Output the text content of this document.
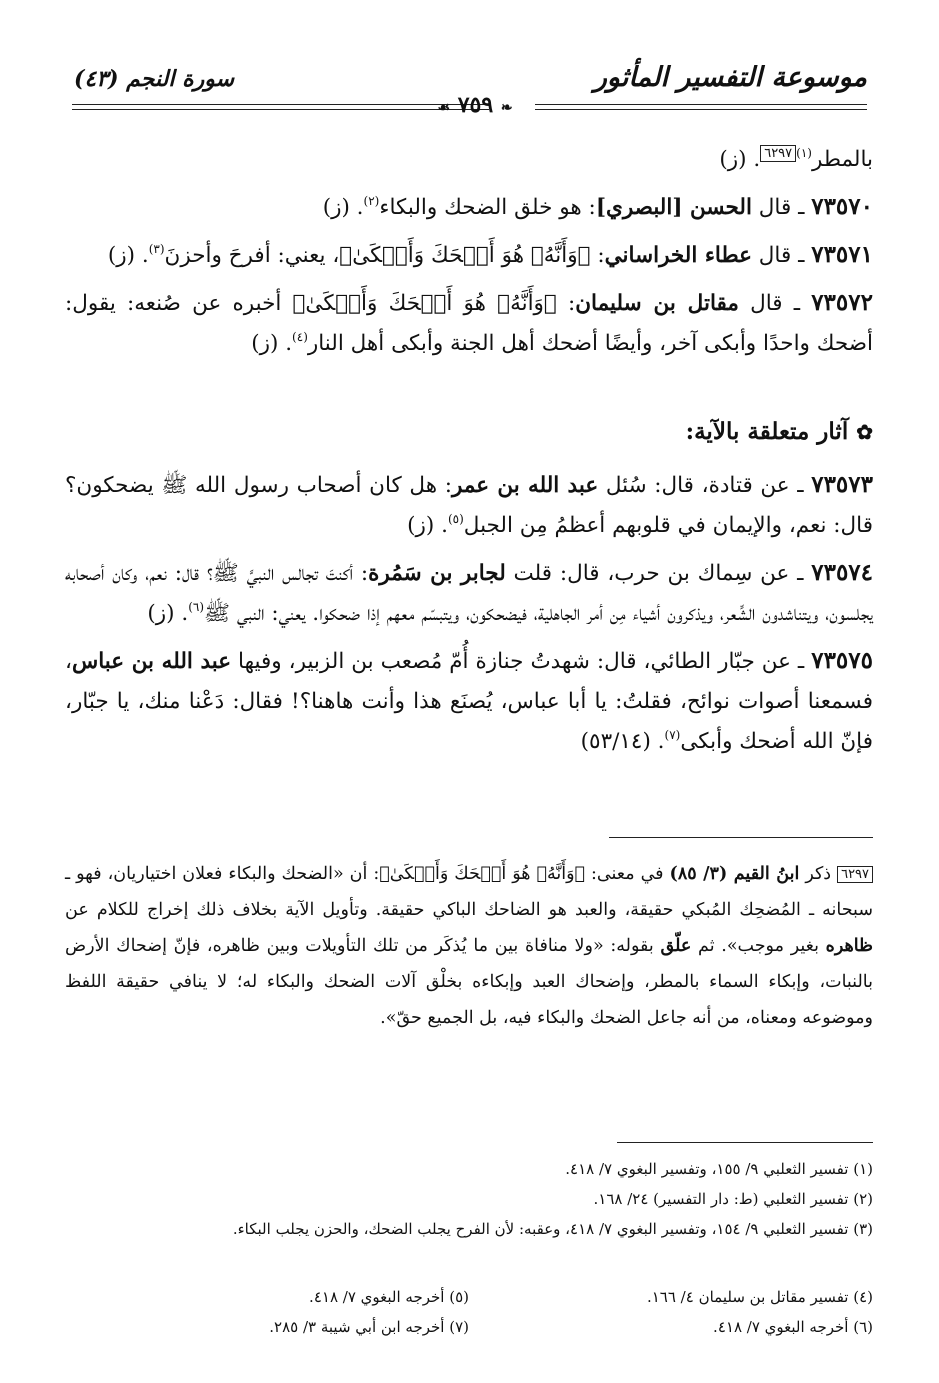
موسوعة التفسير المأثور
سورة النجم (٤٣)
❧ ٧٥٩ ☙
بالمطر$^{(١)}$٦٢٩٧. (ز)
٧٣٥٧٠ ـ قال الحسن [البصري]: هو خلق الضحك والبكاء$^{(٢)}$. (ز)
٧٣٥٧١ ـ قال عطاء الخراساني: ﴿وَأَنَّهُۥ هُوَ أَضۡحَكَ وَأَبۡكَىٰ﴾، يعني: أفرحَ وأحزنَ$^{(٣)}$. (ز)
٧٣٥٧٢ ـ قال مقاتل بن سليمان: ﴿وَأَنَّهُۥ هُوَ أَضۡحَكَ وَأَبۡكَىٰ﴾ أخبره عن صُنعه: يقول: أضحك واحدًا وأبكى آخر، وأيضًا أضحك أهل الجنة وأبكى أهل النار$^{(٤)}$. (ز)
✿ آثار متعلقة بالآية:
٧٣٥٧٣ ـ عن قتادة، قال: سُئل عبد الله بن عمر: هل كان أصحاب رسول الله ﷺ يضحكون؟ قال: نعم، والإيمان في قلوبهم أعظمُ مِن الجبل$^{(٥)}$. (ز)
٧٣٥٧٤ ـ عن سِماك بن حرب، قال: قلت لجابر بن سَمُرة: أكنتَ تجالس النبيَّ ﷺ؟ قال: نعم، وكان أصحابه يجلسون، ويتناشدون الشِّعر، ويذكرون أشياء مِن أمر الجاهلية، فيضحكون، ويتبسّم معهم إذا ضحكوا. يعني: النبي ﷺ$^{(٦)}$. (ز)
٧٣٥٧٥ ـ عن جبّار الطائي، قال: شهدتُ جنازة أُمّ مُصعب بن الزبير، وفيها عبد الله بن عباس، فسمعنا أصوات نوائح، فقلتُ: يا أبا عباس، يُصنَع هذا وأنت هاهنا؟! فقال: دَعْنا منك، يا جبّار، فإنّ الله أضحك وأبكى$^{(٧)}$. (٥٣/١٤)
٦٢٩٧ ذكر ابنُ القيم (٣/ ٨٥) في معنى: ﴿وَأَنَّهُۥ هُوَ أَضۡحَكَ وَأَبۡكَىٰ﴾: أن «الضحك والبكاء فعلان اختياريان، فهو ـ سبحانه ـ المُضحِك المُبكي حقيقة، والعبد هو الضاحك الباكي حقيقة. وتأويل الآية بخلاف ذلك إخراج للكلام عن ظاهره بغير موجب». ثم علّق بقوله: «ولا منافاة بين ما يُذكَر من تلك التأويلات وبين ظاهره، فإنّ إضحاك الأرض بالنبات، وإبكاء السماء بالمطر، وإضحاك العبد وإبكاءه بخلْق آلات الضحك والبكاء له؛ لا ينافي حقيقة اللفظ وموضوعه ومعناه، من أنه جاعل الضحك والبكاء فيه، بل الجميع حقّ».
(١) تفسير الثعلبي ٩/ ١٥٥، وتفسير البغوي ٧/ ٤١٨.
(٢) تفسير الثعلبي (ط: دار التفسير) ٢٤/ ١٦٨.
(٣) تفسير الثعلبي ٩/ ١٥٤، وتفسير البغوي ٧/ ٤١٨، وعقبه: لأن الفرح يجلب الضحك، والحزن يجلب البكاء.
(٤) تفسير مقاتل بن سليمان ٤/ ١٦٦.
(٥) أخرجه البغوي ٧/ ٤١٨.
(٦) أخرجه البغوي ٧/ ٤١٨.
(٧) أخرجه ابن أبي شيبة ٣/ ٢٨٥.
